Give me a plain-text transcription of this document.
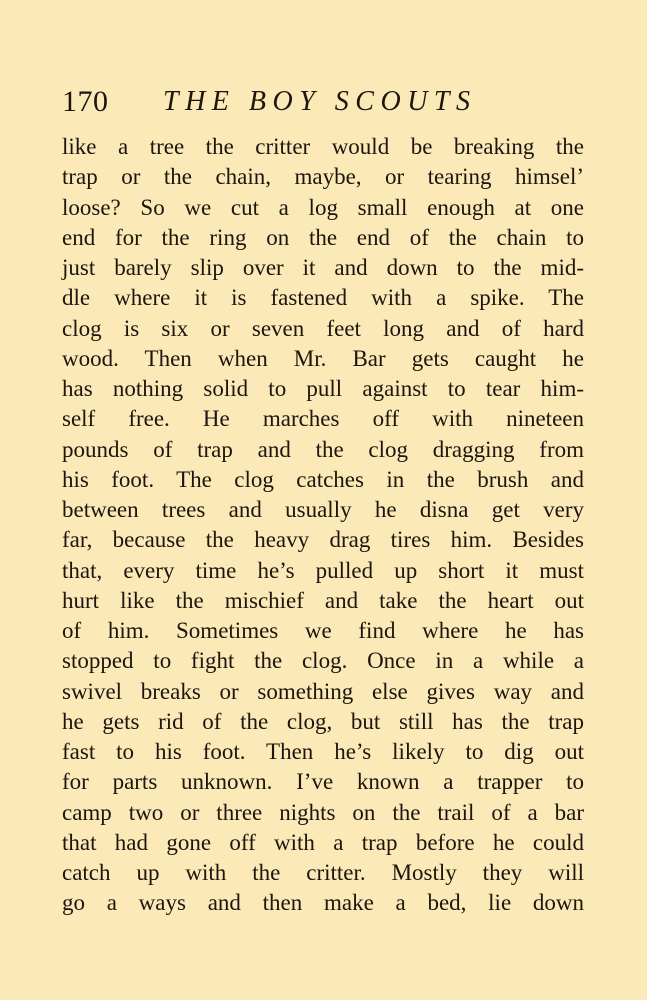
170 THE BOY SCOUTS
like a tree the critter would be breaking the
trap or the chain, maybe, or tearing himsel’
loose? So we cut a log small enough at one
end for the ring on the end of the chain to
just barely slip over it and down to the mid-
dle where it is fastened with a spike. The
clog is six or seven feet long and of hard
wood. Then when Mr. Bar gets caught he
has nothing solid to pull against to tear him-
self free. He marches off with nineteen
pounds of trap and the clog dragging from
his foot. The clog catches in the brush and
between trees and usually he disna get very
far, because the heavy drag tires him. Besides
that, every time he’s pulled up short it must
hurt like the mischief and take the heart out
of him. Sometimes we find where he has
stopped to fight the clog. Once in a while a
swivel breaks or something else gives way and
he gets rid of the clog, but still has the trap
fast to his foot. Then he’s likely to dig out
for parts unknown. I’ve known a trapper to
camp two or three nights on the trail of a bar
that had gone off with a trap before he could
catch up with the critter. Mostly they will
go a ways and then make a bed, lie down
